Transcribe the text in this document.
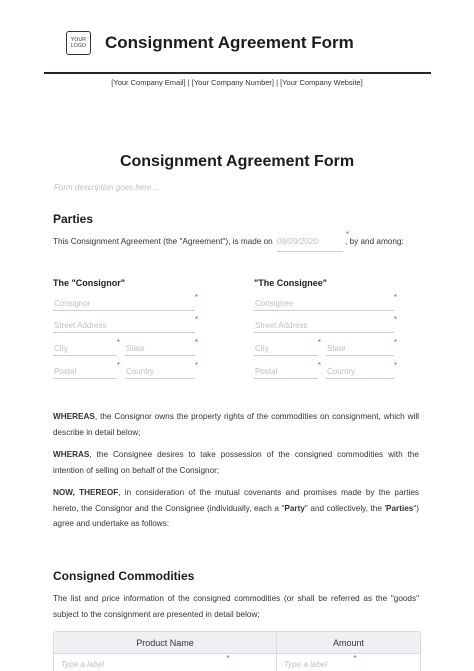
YOUR
LOGO Consignment Agreement Form
[Your Company Email] | [Your Company Number] | [Your Company Website]
Consignment Agreement Form
Form description goes here...
Parties
This Consignment Agreement (the "Agreement"), is made on 09/09/2020
*
, by and among:
The "Consignor"
Consignor
*
Street Address
*
City
*
State
*
Postal
*
Country
*
"The Consignee"
Consignee
*
Street Address
*
City
*
State
*
Postal
*
Country
*
WHEREAS, the Consignor owns the property rights of the commodities on consignment, which will describe in detail below;
WHERAS, the Consignee desires to take possession of the consigned commodities with the intention of selling on behalf of the Consignor;
NOW, THEREOF, in consideration of the mutual covenants and promises made by the parties hereto, the Consignor and the Consignee (individually, each a "Party" and collectively, the 'Parties") agree and undertake as follows:
Consigned Commodities
The list and price information of the consigned commodities (or shall be referred as the "goods" subject to the consignment are presented in detail below;
Product Name	Amount
Type a label
*
Type a label
*
